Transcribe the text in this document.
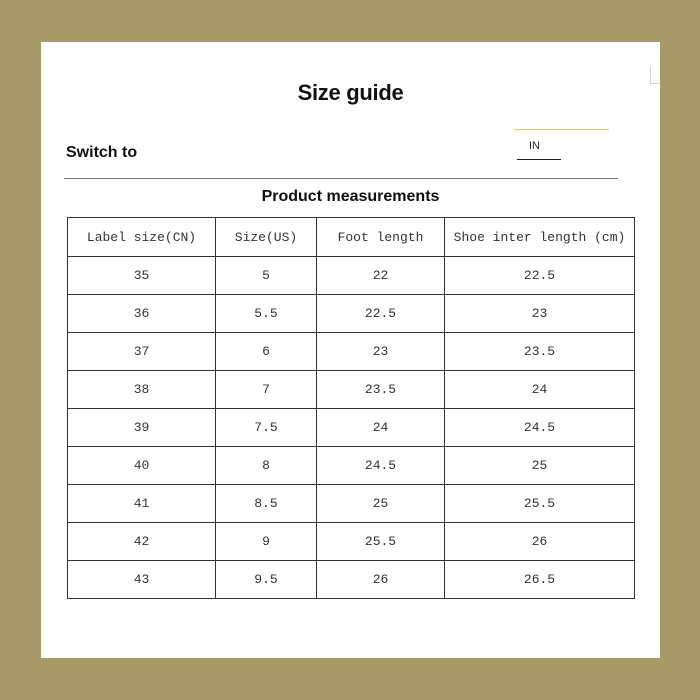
Size guide
Switch to	IN
Product measurements
Label size(CN)	Size(US)	Foot length	Shoe inter length (cm)
35	5	22	22.5
36	5.5	22.5	23
37	6	23	23.5
38	7	23.5	24
39	7.5	24	24.5
40	8	24.5	25
41	8.5	25	25.5
42	9	25.5	26
43	9.5	26	26.5
